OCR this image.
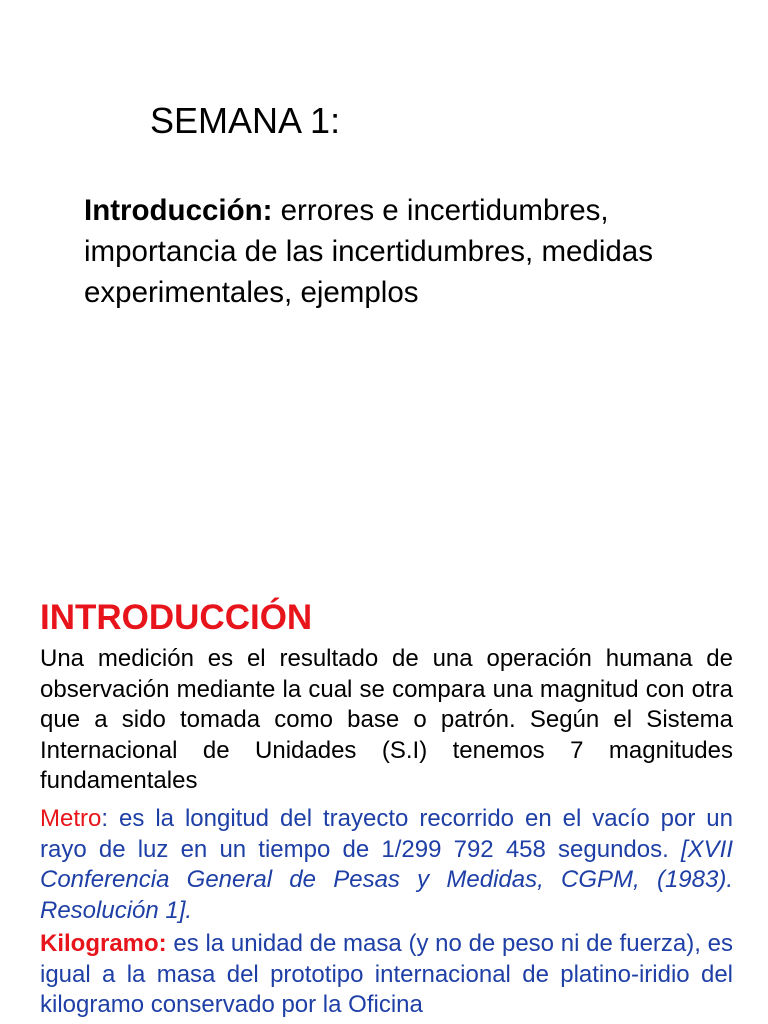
SEMANA 1:
Introducción: errores e incertidumbres, importancia de las incertidumbres, medidas experimentales, ejemplos
INTRODUCCIÓN
Una medición es el resultado de una operación humana de observación mediante la cual se compara una magnitud con otra que a sido tomada como base o patrón. Según el Sistema Internacional de Unidades (S.I) tenemos 7 magnitudes fundamentales
Metro: es la longitud del trayecto recorrido en el vacío por un rayo de luz en un tiempo de 1/299 792 458 segundos. [XVII Conferencia General de Pesas y Medidas, CGPM, (1983). Resolución 1].
Kilogramo: es la unidad de masa (y no de peso ni de fuerza), es igual a la masa del prototipo internacional de platino-iridio del kilogramo conservado por la Oficina
